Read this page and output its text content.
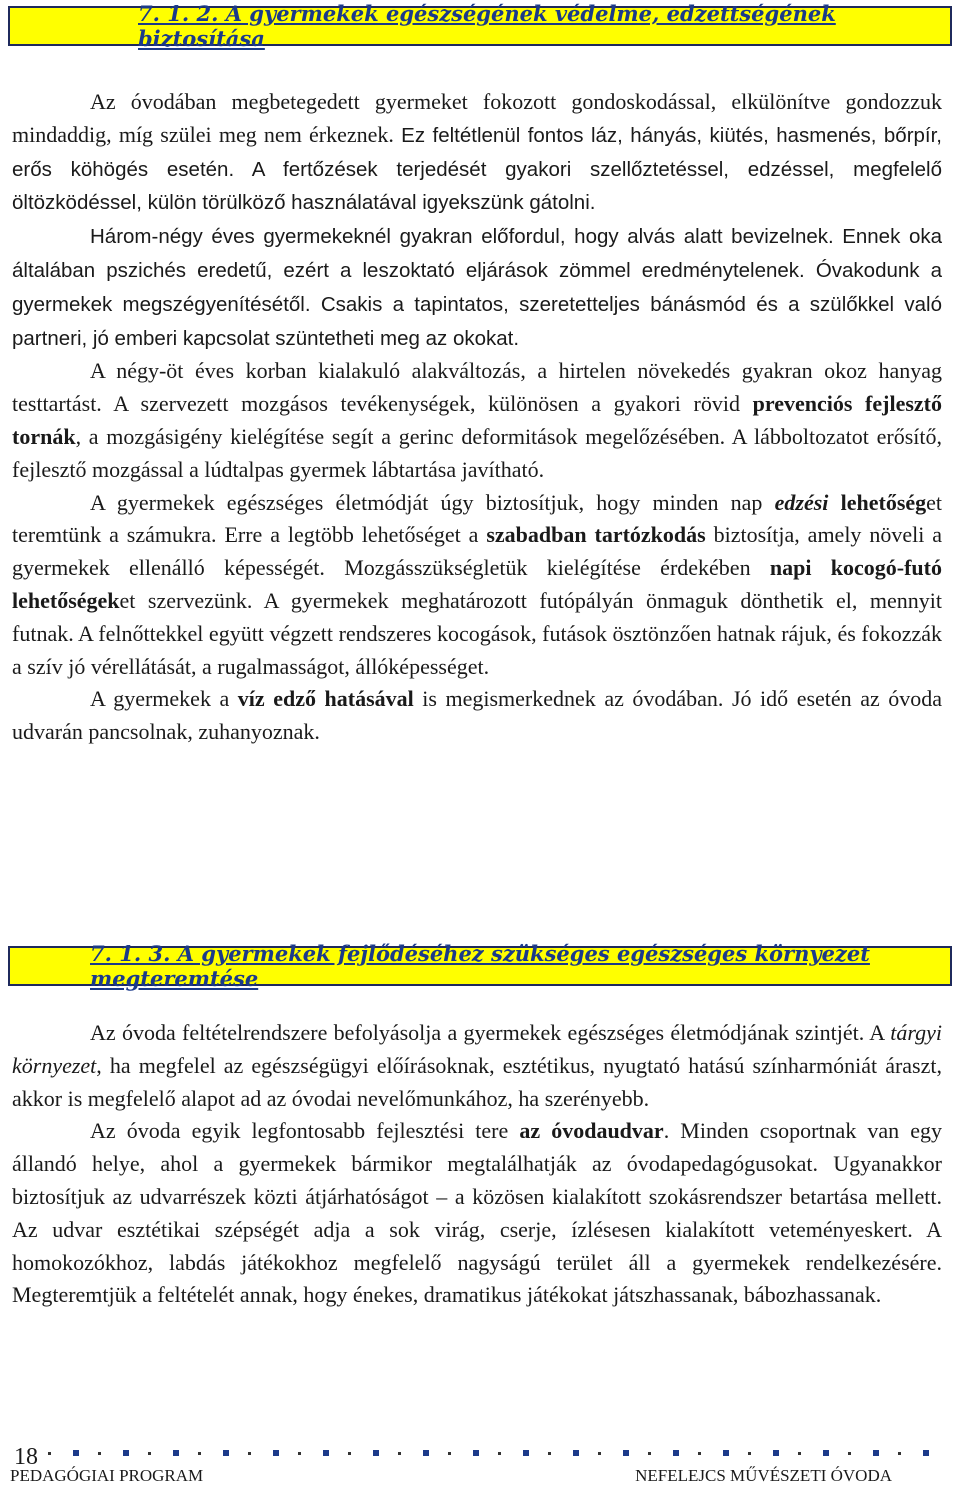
7. 1. 2. A gyermekek egészségének védelme, edzettségének biztosítása

Az óvodában megbetegedett gyermeket fokozott gondoskodással, elkülönítve gondozzuk mindaddig, míg szülei meg nem érkeznek. Ez feltétlenül fontos láz, hányás, kiütés, hasmenés, bőrpír, erős köhögés esetén. A fertőzések terjedését gyakori szellőztetéssel, edzéssel, megfelelő öltözködéssel, külön törülköző használatával igyekszünk gátolni.

Három-négy éves gyermekeknél gyakran előfordul, hogy alvás alatt bevizelnek. Ennek oka általában pszichés eredetű, ezért a leszoktató eljárások zömmel eredménytelenek. Óvakodunk a gyermekek megszégyenítésétől. Csakis a tapintatos, szeretetteljes bánásmód és a szülőkkel való partneri, jó emberi kapcsolat szüntetheti meg az okokat.

A négy-öt éves korban kialakuló alakváltozás, a hirtelen növekedés gyakran okoz hanyag testtartást. A szervezett mozgásos tevékenységek, különösen a gyakori rövid prevenciós fejlesztő tornák, a mozgásigény kielégítése segít a gerinc deformitások megelőzésében. A lábboltozatot erősítő, fejlesztő mozgással a lúdtalpas gyermek lábtartása javítható.

A gyermekek egészséges életmódját úgy biztosítjuk, hogy minden nap edzési lehetőséget teremtünk a számukra. Erre a legtöbb lehetőséget a szabadban tartózkodás biztosítja, amely növeli a gyermekek ellenálló képességét. Mozgásszükségletük kielégítése érdekében napi kocogó-futó lehetőségeket szervezünk. A gyermekek meghatározott futópályán önmaguk dönthetik el, mennyit futnak. A felnőttekkel együtt végzett rendszeres kocogások, futások ösztönzően hatnak rájuk, és fokozzák a szív jó vérellátását, a rugalmasságot, állóképességet.

A gyermekek a víz edző hatásával is megismerkednek az óvodában. Jó idő esetén az óvoda udvarán pancsolnak, zuhanyoznak.

7. 1. 3. A gyermekek fejlődéséhez szükséges egészséges környezet megteremtése

Az óvoda feltételrendszere befolyásolja a gyermekek egészséges életmódjának szintjét. A tárgyi környezet, ha megfelel az egészségügyi előírásoknak, esztétikus, nyugtató hatású színharmóniát áraszt, akkor is megfelelő alapot ad az óvodai nevelőmunkához, ha szerényebb.

Az óvoda egyik legfontosabb fejlesztési tere az óvodaudvar. Minden csoportnak van egy állandó helye, ahol a gyermekek bármikor megtalálhatják az óvodapedagógusokat. Ugyanakkor biztosítjuk az udvarrészek közti átjárhatóságot – a közösen kialakított szokásrendszer betartása mellett. Az udvar esztétikai szépségét adja a sok virág, cserje, ízlésesen kialakított veteményeskert. A homokozókhoz, labdás játékokhoz megfelelő nagyságú terület áll a gyermekek rendelkezésére. Megteremtjük a feltételét annak, hogy énekes, dramatikus játékokat játszhassanak, bábozhassanak.

18
PEDAGÓGIAI PROGRAM	NEFELEJCS MŰVÉSZETI ÓVODA
